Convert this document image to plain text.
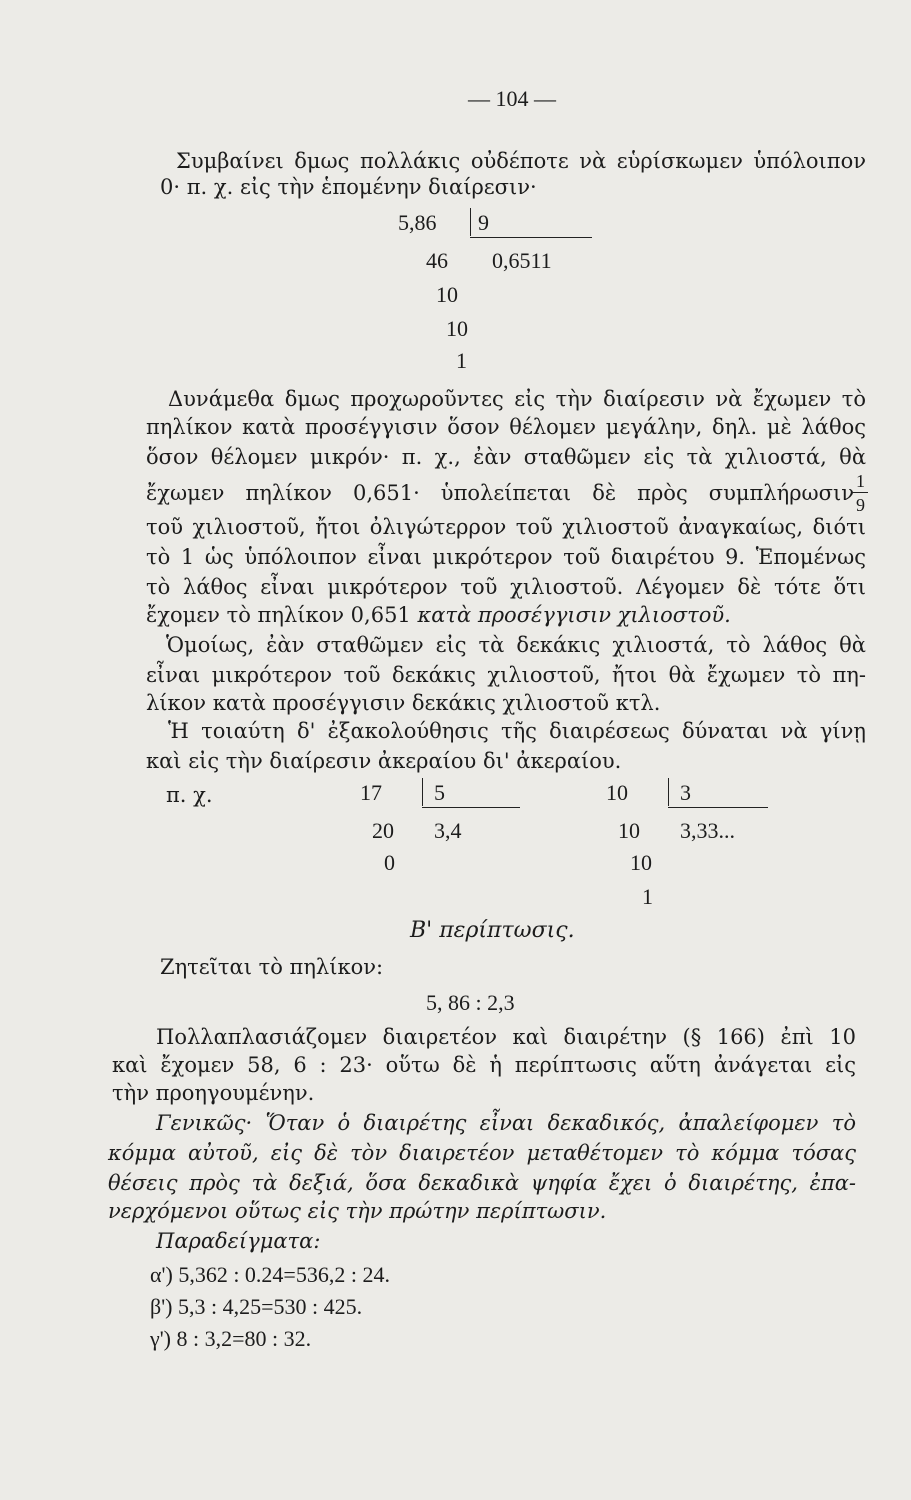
— 104 —
Συμβαίνει δμως πολλάκις οὐδέποτε νὰ εὑρίσκωμεν ὑπόλοιπον
0· π. χ. εἰς τὴν ἑπομένην διαίρεσιν·
5,86 9
46 0,6511
10
10
1
Δυνάμεθα δμως προχωροῦντες εἰς τὴν διαίρεσιν νὰ ἔχωμεν τὸ
πηλίκον κατὰ προσέγγισιν ὅσον θέλομεν μεγάλην, δηλ. μὲ λάθος
ὅσον θέλομεν μικρόν· π. χ., ἐὰν σταθῶμεν εἰς τὰ χιλιοστά, θὰ
ἔχωμεν πηλίκον 0,651· ὑπολείπεται δὲ πρὸς συμπλήρωσιν 1
9
τοῦ χιλιοστοῦ, ἤτοι ὀλιγώτερρον τοῦ χιλιοστοῦ ἀναγκαίως, διότι
τὸ 1 ὡς ὑπόλοιπον εἶναι μικρότερον τοῦ διαιρέτου 9. Ἑπομένως
τὸ λάθος εἶναι μικρότερον τοῦ χιλιοστοῦ. Λέγομεν δὲ τότε ὅτι
ἔχομεν τὸ πηλίκον 0,651 κατὰ προσέγγισιν χιλιοστοῦ.
Ὁμοίως, ἐὰν σταθῶμεν εἰς τὰ δεκάκις χιλιοστά, τὸ λάθος θὰ
εἶναι μικρότερον τοῦ δεκάκις χιλιοστοῦ, ἤτοι θὰ ἔχωμεν τὸ πη-
λίκον κατὰ προσέγγισιν δεκάκις χιλιοστοῦ κτλ.
Ἡ τοιαύτη δ' ἐξακολούθησις τῆς διαιρέσεως δύναται νὰ γίνῃ
καὶ εἰς τὴν διαίρεσιν ἀκεραίου δι' ἀκεραίου.
π. χ.	17 5
20 3,4
0
10 3
10 3,33...
10
1
Β' περίπτωσις.
Ζητεῖται τὸ πηλίκον:
5, 86 : 2,3
Πολλαπλασιάζομεν διαιρετέον καὶ διαιρέτην (§ 166) ἐπὶ 10
καὶ ἔχομεν 58, 6 : 23· οὕτω δὲ ἡ περίπτωσις αὕτη ἀνάγεται εἰς
τὴν προηγουμένην.
Γενικῶς· Ὅταν ὁ διαιρέτης εἶναι δεκαδικός, ἀπαλείφομεν τὸ
κόμμα αὐτοῦ, εἰς δὲ τὸν διαιρετέον μεταθέτομεν τὸ κόμμα τόσας
θέσεις πρὸς τὰ δεξιά, ὅσα δεκαδικὰ ψηφία ἔχει ὁ διαιρέτης, ἐπα-
νερχόμενοι οὕτως εἰς τὴν πρώτην περίπτωσιν.
Παραδείγματα:
α') 5,362 : 0.24=536,2 : 24.
β') 5,3 : 4,25=530 : 425.
γ') 8 : 3,2=80 : 32.
